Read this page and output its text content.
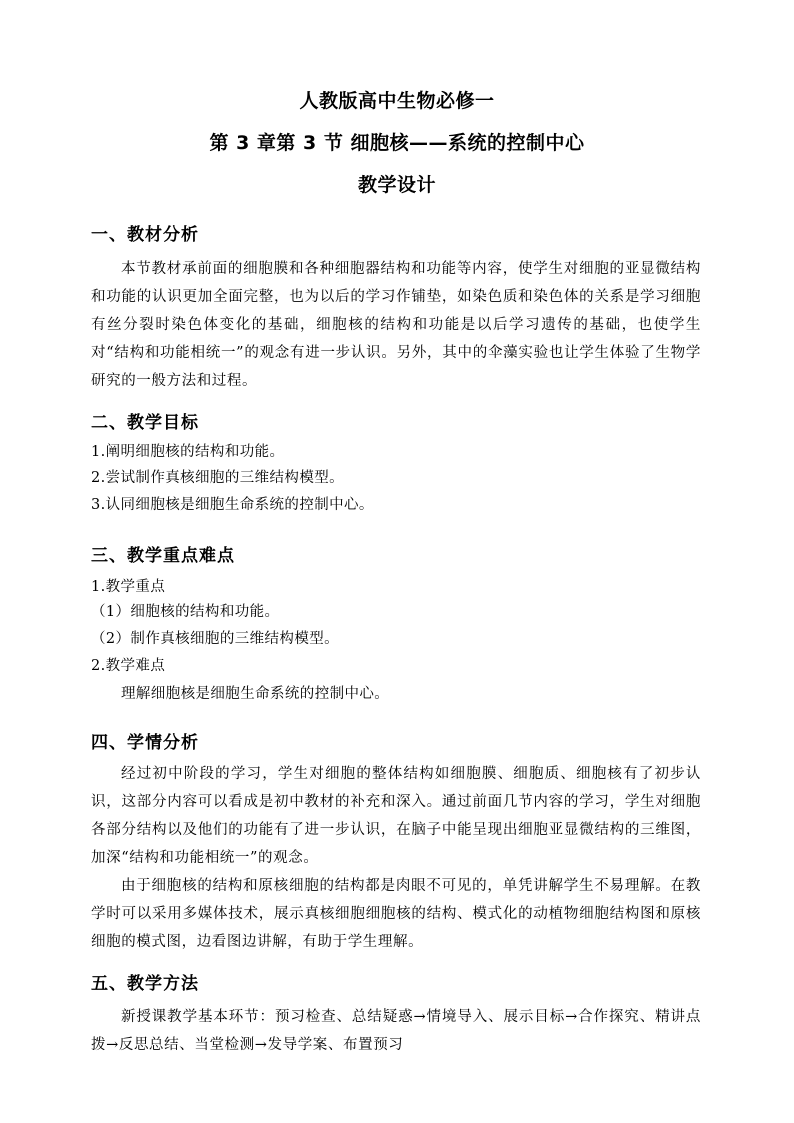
人教版高中生物必修一
第 3 章第 3 节 细胞核——系统的控制中心
教学设计
一、教材分析
本节教材承前面的细胞膜和各种细胞器结构和功能等内容，使学生对细胞的亚显微结构和功能的认识更加全面完整，也为以后的学习作铺垫，如染色质和染色体的关系是学习细胞有丝分裂时染色体变化的基础，细胞核的结构和功能是以后学习遗传的基础，也使学生对“结构和功能相统一”的观念有进一步认识。另外，其中的伞藻实验也让学生体验了生物学研究的一般方法和过程。
二、教学目标
1.阐明细胞核的结构和功能。
2.尝试制作真核细胞的三维结构模型。
3.认同细胞核是细胞生命系统的控制中心。
三、教学重点难点
1.教学重点
（1）细胞核的结构和功能。
（2）制作真核细胞的三维结构模型。
2.教学难点
理解细胞核是细胞生命系统的控制中心。
四、学情分析
经过初中阶段的学习，学生对细胞的整体结构如细胞膜、细胞质、细胞核有了初步认识，这部分内容可以看成是初中教材的补充和深入。通过前面几节内容的学习，学生对细胞各部分结构以及他们的功能有了进一步认识，在脑子中能呈现出细胞亚显微结构的三维图，加深“结构和功能相统一”的观念。
由于细胞核的结构和原核细胞的结构都是肉眼不可见的，单凭讲解学生不易理解。在教学时可以采用多媒体技术，展示真核细胞细胞核的结构、模式化的动植物细胞结构图和原核细胞的模式图，边看图边讲解，有助于学生理解。
五、教学方法
新授课教学基本环节：预习检查、总结疑惑→情境导入、展示目标→合作探究、精讲点拨→反思总结、当堂检测→发导学案、布置预习
